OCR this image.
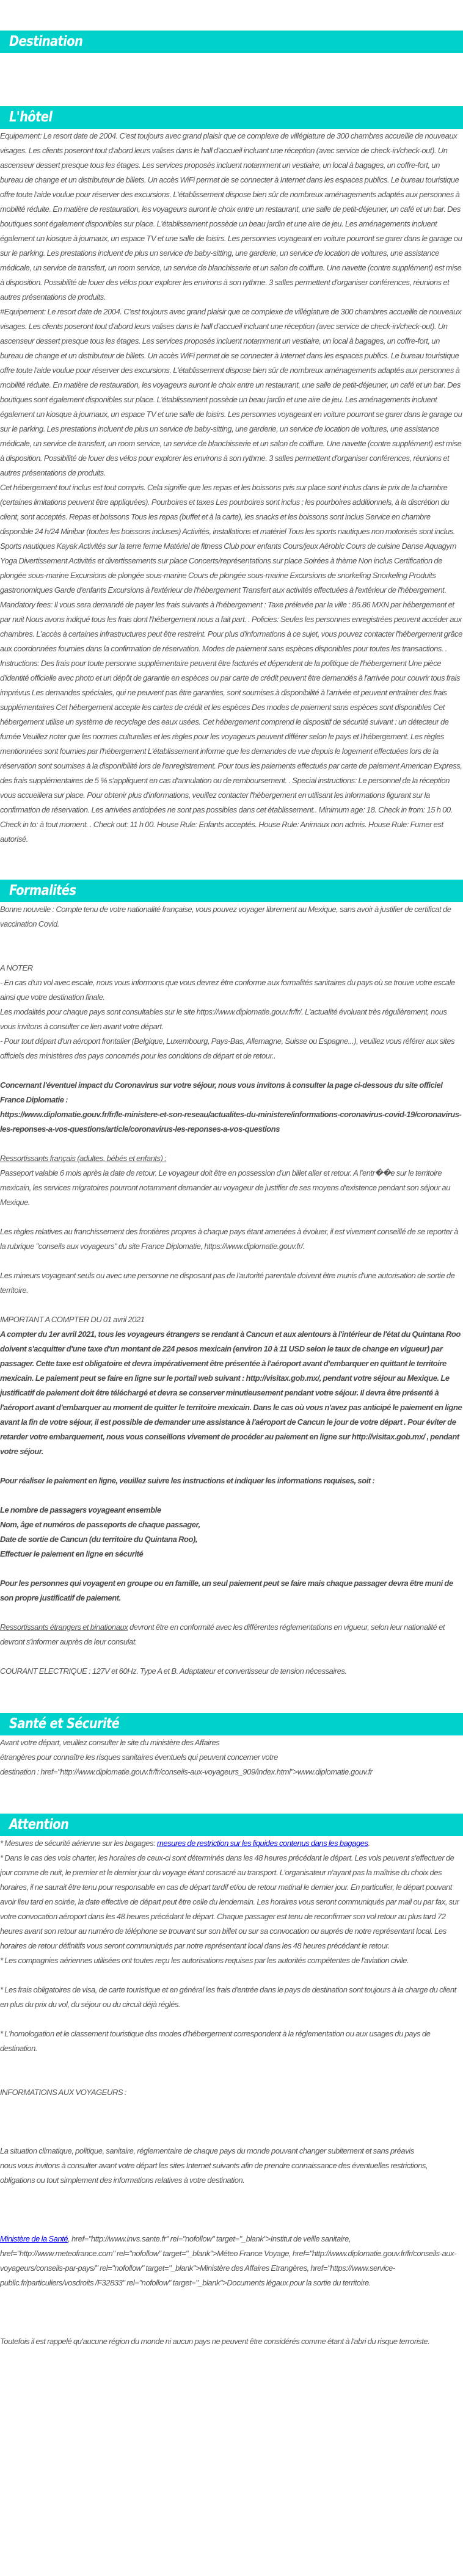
Destination
L'hôtel

Equipement: Le resort date de 2004. C'est toujours avec grand plaisir que ce complexe de villégiature de 300 chambres accueille de nouveaux visages. Les clients poseront tout d'abord leurs valises dans le hall d'accueil incluant une réception (avec service de check-in/check-out). Un ascenseur dessert presque tous les étages. Les services proposés incluent notamment un vestiaire, un local à bagages, un coffre-fort, un bureau de change et un distributeur de billets. Un accès WiFi permet de se connecter à Internet dans les espaces publics. Le bureau touristique offre toute l'aide voulue pour réserver des excursions. L'établissement dispose bien sûr de nombreux aménagements adaptés aux personnes à mobilité réduite. En matière de restauration, les voyageurs auront le choix entre un restaurant, une salle de petit-déjeuner, un café et un bar. Des boutiques sont également disponibles sur place. L'établissement possède un beau jardin et une aire de jeu. Les aménagements incluent également un kiosque à journaux, un espace TV et une salle de loisirs. Les personnes voyageant en voiture pourront se garer dans le garage ou sur le parking. Les prestations incluent de plus un service de baby-sitting, une garderie, un service de location de voitures, une assistance médicale, un service de transfert, un room service, un service de blanchisserie et un salon de coiffure. Une navette (contre supplément) est mise à disposition. Possibilité de louer des vélos pour explorer les environs à son rythme. 3 salles permettent d'organiser conférences, réunions et autres présentations de produits.

#Equipement: Le resort date de 2004. C'est toujours avec grand plaisir que ce complexe de villégiature de 300 chambres accueille de nouveaux visages. Les clients poseront tout d'abord leurs valises dans le hall d'accueil incluant une réception (avec service de check-in/check-out). Un ascenseur dessert presque tous les étages. Les services proposés incluent notamment un vestiaire, un local à bagages, un coffre-fort, un bureau de change et un distributeur de billets. Un accès WiFi permet de se connecter à Internet dans les espaces publics. Le bureau touristique offre toute l'aide voulue pour réserver des excursions. L'établissement dispose bien sûr de nombreux aménagements adaptés aux personnes à mobilité réduite. En matière de restauration, les voyageurs auront le choix entre un restaurant, une salle de petit-déjeuner, un café et un bar. Des boutiques sont également disponibles sur place. L'établissement possède un beau jardin et une aire de jeu. Les aménagements incluent également un kiosque à journaux, un espace TV et une salle de loisirs. Les personnes voyageant en voiture pourront se garer dans le garage ou sur le parking. Les prestations incluent de plus un service de baby-sitting, une garderie, un service de location de voitures, une assistance médicale, un service de transfert, un room service, un service de blanchisserie et un salon de coiffure. Une navette (contre supplément) est mise à disposition. Possibilité de louer des vélos pour explorer les environs à son rythme. 3 salles permettent d'organiser conférences, réunions et autres présentations de produits.

Cet hébergement tout inclus est tout compris. Cela signifie que les repas et les boissons pris sur place sont inclus dans le prix de la chambre (certaines limitations peuvent être appliquées). Pourboires et taxes Les pourboires sont inclus ; les pourboires additionnels, à la discrétion du client, sont acceptés. Repas et boissons Tous les repas (buffet et à la carte), les snacks et les boissons sont inclus Service en chambre disponible 24 h/24 Minibar (toutes les boissons incluses) Activités, installations et matériel Tous les sports nautiques non motorisés sont inclus. Sports nautiques Kayak Activités sur la terre ferme Matériel de fitness Club pour enfants Cours/jeux Aérobic Cours de cuisine Danse Aquagym Yoga Divertissement Activités et divertissements sur place Concerts/représentations sur place Soirées à thème Non inclus Certification de plongée sous-marine Excursions de plongée sous-marine Cours de plongée sous-marine Excursions de snorkeling Snorkeling Produits gastronomiques Garde d'enfants Excursions à l'extérieur de l'hébergement Transfert aux activités effectuées à l'extérieur de l'hébergement. Mandatory fees: Il vous sera demandé de payer les frais suivants à l'hébergement : Taxe prélevée par la ville : 86.86 MXN par hébergement et par nuit Nous avons indiqué tous les frais dont l'hébergement nous a fait part. . Policies: Seules les personnes enregistrées peuvent accéder aux chambres. L'accès à certaines infrastructures peut être restreint. Pour plus d'informations à ce sujet, vous pouvez contacter l'hébergement grâce aux coordonnées fournies dans la confirmation de réservation. Modes de paiement sans espèces disponibles pour toutes les transactions. . Instructions: Des frais pour toute personne supplémentaire peuvent être facturés et dépendent de la politique de l'hébergement Une pièce d'identité officielle avec photo et un dépôt de garantie en espèces ou par carte de crédit peuvent être demandés à l'arrivée pour couvrir tous frais imprévus Les demandes spéciales, qui ne peuvent pas être garanties, sont soumises à disponibilité à l'arrivée et peuvent entraîner des frais supplémentaires Cet hébergement accepte les cartes de crédit et les espèces Des modes de paiement sans espèces sont disponibles Cet hébergement utilise un système de recyclage des eaux usées. Cet hébergement comprend le dispositif de sécurité suivant : un détecteur de fumée Veuillez noter que les normes culturelles et les règles pour les voyageurs peuvent différer selon le pays et l'hébergement. Les règles mentionnées sont fournies par l'hébergement L'établissement informe que les demandes de vue depuis le logement effectuées lors de la réservation sont soumises à la disponibilité lors de l'enregistrement. Pour tous les paiements effectués par carte de paiement American Express, des frais supplémentaires de 5 % s'appliquent en cas d'annulation ou de remboursement. . Special instructions: Le personnel de la réception vous accueillera sur place. Pour obtenir plus d'informations, veuillez contacter l'hébergement en utilisant les informations figurant sur la confirmation de réservation. Les arrivées anticipées ne sont pas possibles dans cet établissement.. Minimum age: 18. Check in from: 15 h 00. Check in to: à tout moment. . Check out: 11 h 00. House Rule: Enfants acceptés. House Rule: Animaux non admis. House Rule: Fumer est autorisé.

Formalités

Bonne nouvelle : Compte tenu de votre nationalité française, vous pouvez voyager librement au Mexique, sans avoir à justifier de certificat de vaccination Covid.

A NOTER

- En cas d'un vol avec escale, nous vous informons que vous devrez être conforme aux formalités sanitaires du pays où se trouve votre escale ainsi que votre destination finale.

Les modalités pour chaque pays sont consultables sur le site https://www.diplomatie.gouv.fr/fr/. L'actualité évoluant très régulièrement, nous vous invitons à consulter ce lien avant votre départ.

- Pour tout départ d'un aéroport frontalier (Belgique, Luxembourg, Pays-Bas, Allemagne, Suisse ou Espagne...), veuillez vous référer aux sites officiels des ministères des pays concernés pour les conditions de départ et de retour..

Concernant l'éventuel impact du Coronavirus sur votre séjour, nous vous invitons à consulter la page ci-dessous du site officiel France Diplomatie :

https://www.diplomatie.gouv.fr/fr/le-ministere-et-son-reseau/actualites-du-ministere/informations-coronavirus-covid-19/coronavirus-les-reponses-a-vos-questions/article/coronavirus-les-reponses-a-vos-questions

Ressortissants français (adultes, bébés et enfants) :

Passeport valable 6 mois après la date de retour. Le voyageur doit être en possession d'un billet aller et retour. A l'entr��e sur le territoire mexicain, les services migratoires pourront notamment demander au voyageur de justifier de ses moyens d'existence pendant son séjour au Mexique.

Les règles relatives au franchissement des frontières propres à chaque pays étant amenées à évoluer, il est vivement conseillé de se reporter à la rubrique "conseils aux voyageurs" du site France Diplomatie, https://www.diplomatie.gouv.fr/.

Les mineurs voyageant seuls ou avec une personne ne disposant pas de l'autorité parentale doivent être munis d'une autorisation de sortie de territoire.

IMPORTANT A COMPTER DU 01 avril 2021

A compter du 1er avril 2021, tous les voyageurs étrangers se rendant à Cancun et aux alentours à l'intérieur de l'état du Quintana Roo doivent s'acquitter d'une taxe d'un montant de 224 pesos mexicain (environ 10 à 11 USD selon le taux de change en vigueur) par passager. Cette taxe est obligatoire et devra impérativement être présentée à l'aéroport avant d'embarquer en quittant le territoire mexicain. Le paiement peut se faire en ligne sur le portail web suivant : http://visitax.gob.mx/, pendant votre séjour au Mexique. Le justificatif de paiement doit être téléchargé et devra se conserver minutieusement pendant votre séjour. Il devra être présenté à l'aéroport avant d'embarquer au moment de quitter le territoire mexicain. Dans le cas où vous n'avez pas anticipé le paiement en ligne avant la fin de votre séjour, il est possible de demander une assistance à l'aéroport de Cancun le jour de votre départ . Pour éviter de retarder votre embarquement, nous vous conseillons vivement de procéder au paiement en ligne sur http://visitax.gob.mx/ , pendant votre séjour.

Pour réaliser le paiement en ligne, veuillez suivre les instructions et indiquer les informations requises, soit :

Le nombre de passagers voyageant ensemble

Nom, âge et numéros de passeports de chaque passager,

Date de sortie de Cancun (du territoire du Quintana Roo),

Effectuer le paiement en ligne en sécurité

Pour les personnes qui voyagent en groupe ou en famille, un seul paiement peut se faire mais chaque passager devra être muni de son propre justificatif de paiement.

Ressortissants étrangers et binationaux devront être en conformité avec les différentes réglementations en vigueur, selon leur nationalité et devront s'informer auprès de leur consulat.

COURANT ELECTRIQUE : 127V et 60Hz. Type A et B. Adaptateur et convertisseur de tension nécessaires.

Santé et Sécurité

Avant votre départ, veuillez consulter le site du ministère des Affaires

étrangères pour connaître les risques sanitaires éventuels qui peuvent concerner votre

destination : href="http://www.diplomatie.gouv.fr/fr/conseils-aux-voyageurs_909/index.html">www.diplomatie.gouv.fr

Attention

* Mesures de sécurité aérienne sur les bagages: mesures de restriction sur les liquides contenus dans les bagages.

* Dans le cas des vols charter, les horaires de ceux-ci sont déterminés dans les 48 heures précédant le départ. Les vols peuvent s'effectuer de jour comme de nuit, le premier et le dernier jour du voyage étant consacré au transport. L'organisateur n'ayant pas la maîtrise du choix des horaires, il ne saurait être tenu pour responsable en cas de départ tardif et/ou de retour matinal le dernier jour. En particulier, le départ pouvant avoir lieu tard en soirée, la date effective de départ peut être celle du lendemain. Les horaires vous seront communiqués par mail ou par fax, sur votre convocation aéroport dans les 48 heures précédant le départ. Chaque passager est tenu de reconfirmer son vol retour au plus tard 72 heures avant son retour au numéro de téléphone se trouvant sur son billet ou sur sa convocation ou auprés de notre représentant local. Les horaires de retour définitifs vous seront communiqués par notre représentant local dans les 48 heures précédant le retour.

* Les compagnies aériennes utilisées ont toutes reçu les autorisations requises par les autorités compétentes de l'aviation civile.

* Les frais obligatoires de visa, de carte touristique et en général les frais d'entrée dans le pays de destination sont toujours à la charge du client en plus du prix du vol, du séjour ou du circuit déjà réglés.

* L'homologation et le classement touristique des modes d'hébergement correspondent à la réglementation ou aux usages du pays de destination.

INFORMATIONS AUX VOYAGEURS :

La situation climatique, politique, sanitaire, réglementaire de chaque pays du monde pouvant changer subitement et sans préavis

nous vous invitons à consulter avant votre départ les sites Internet suivants afin de prendre connaissance des éventuelles restrictions, obligations ou tout simplement des informations relatives à votre destination.

Ministère de la Santé, href="http://www.invs.sante.fr" rel="nofollow" target="_blank">Institut de veille sanitaire, href="http://www.meteofrance.com" rel="nofollow" target="_blank">Méteo France Voyage, href="http://www.diplomatie.gouv.fr/fr/conseils-aux-voyageurs/conseils-par-pays/" rel="nofollow" target="_blank">Ministère des Affaires Etrangères, href="https://www.service-public.fr/particuliers/vosdroits /F32833" rel="nofollow" target="_blank">Documents légaux pour la sortie du territoire.

Toutefois il est rappelé qu'aucune région du monde ni aucun pays ne peuvent être considérés comme étant à l'abri du risque terroriste.
